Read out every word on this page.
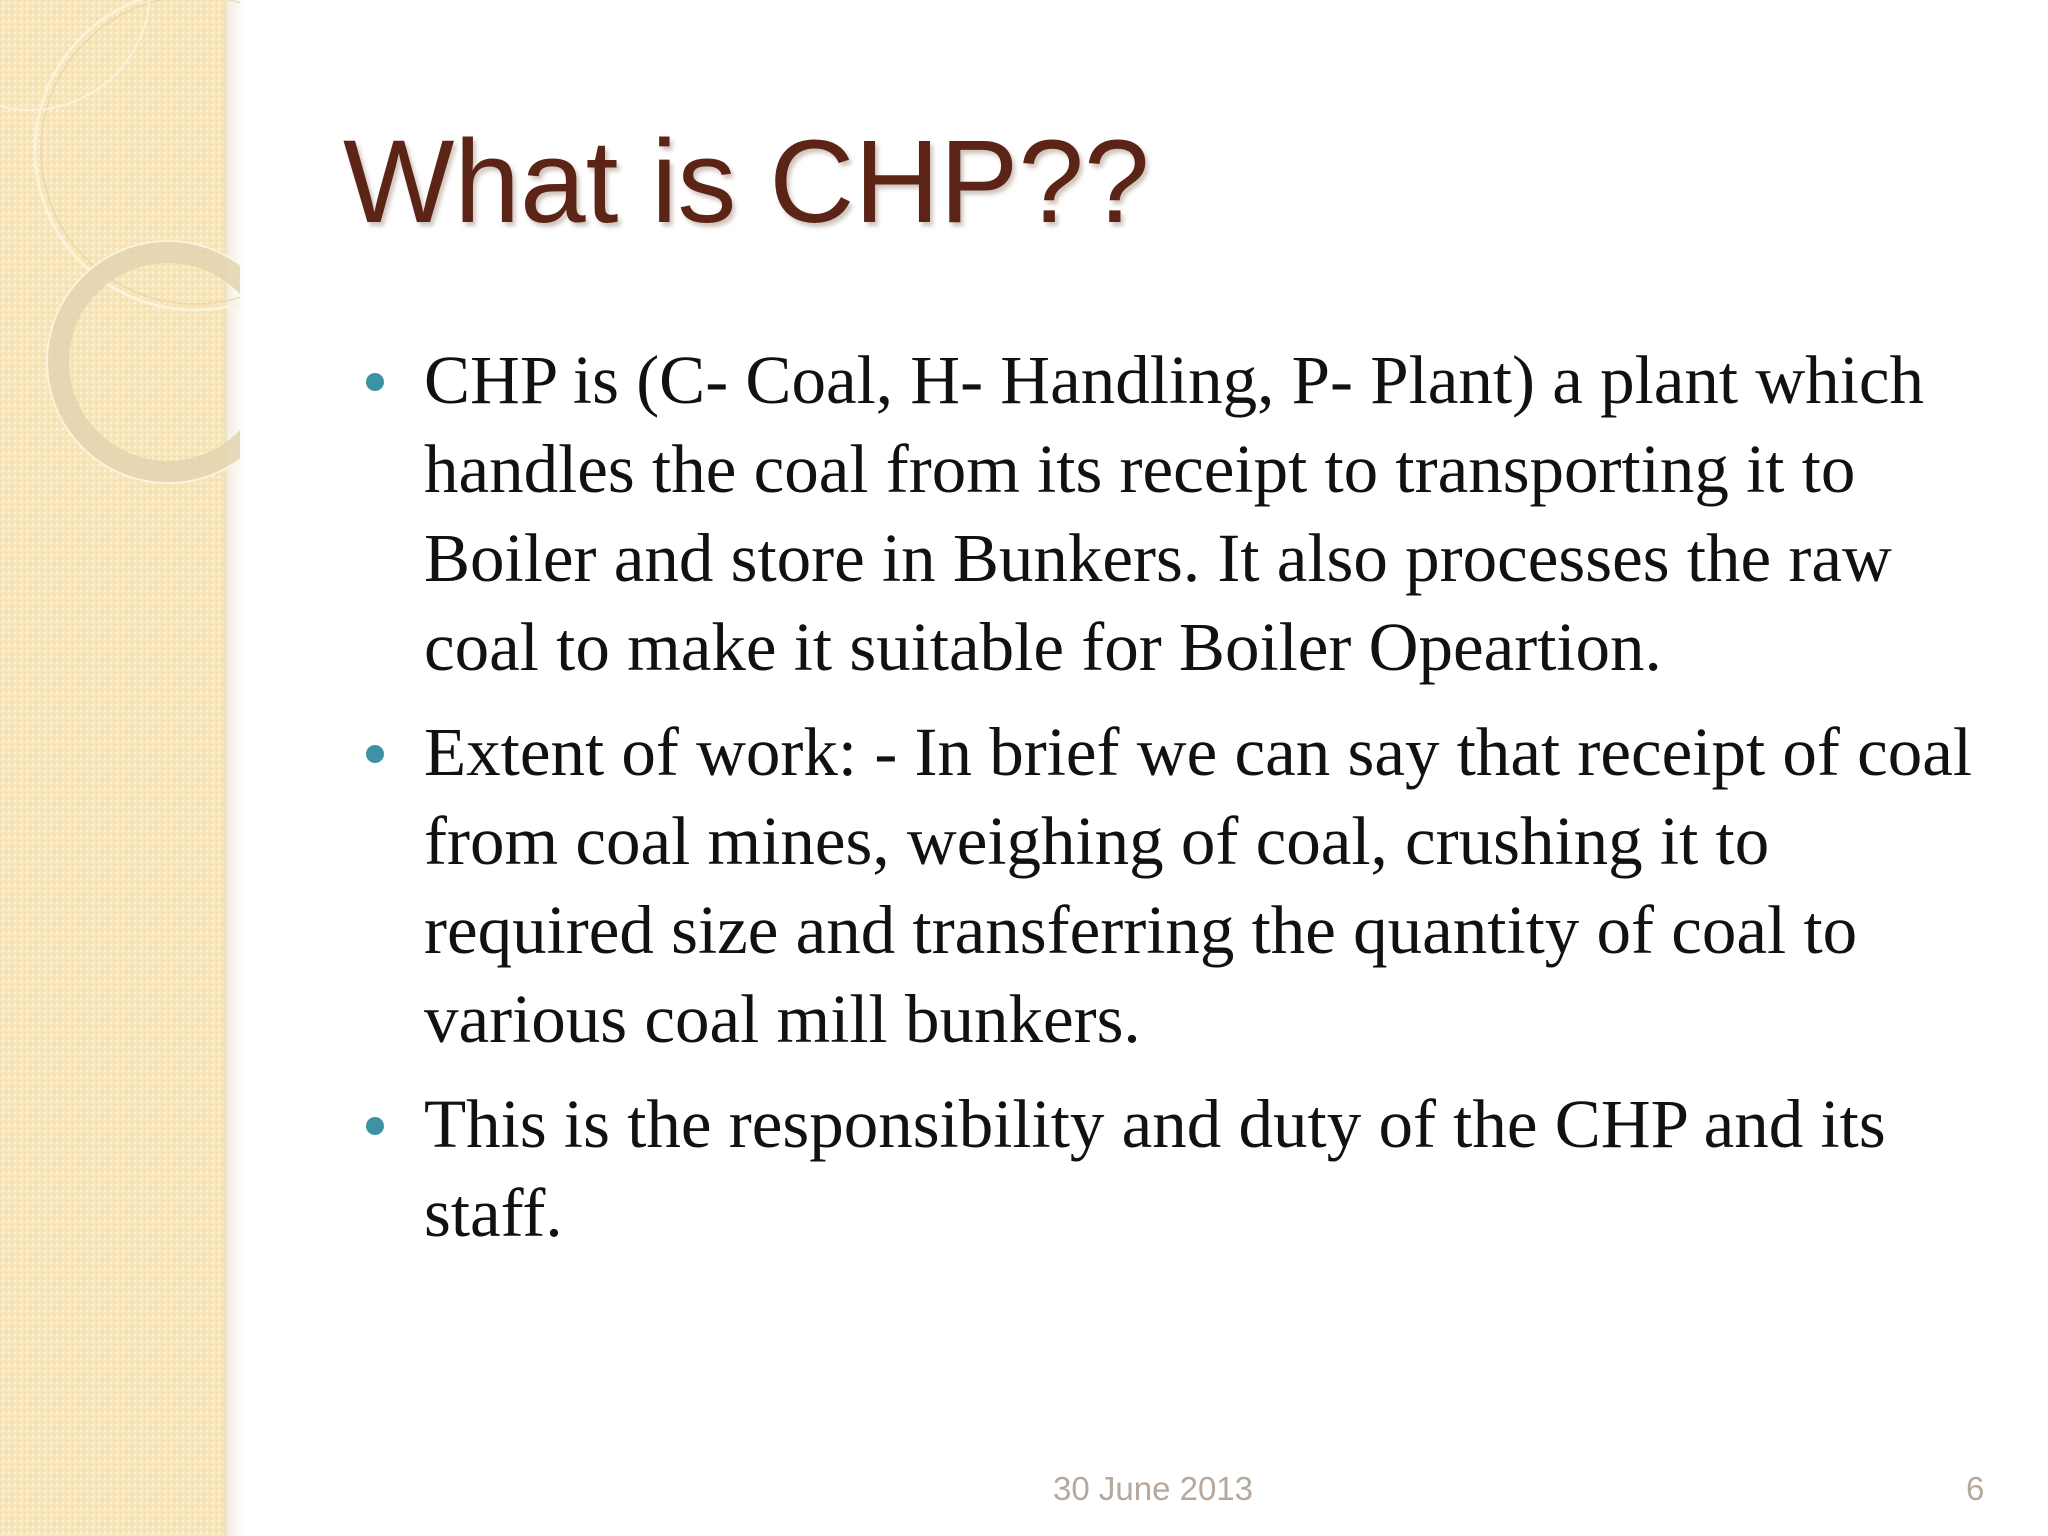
What is CHP??
CHP is (C- Coal, H- Handling, P- Plant) a plant which handles the coal from its receipt to transporting it to Boiler and store in Bunkers. It also processes the raw coal to make it suitable for Boiler Opeartion.
Extent of work: - In brief we can say that receipt of coal from coal mines, weighing of coal, crushing it to required size and transferring the quantity of coal to various coal mill bunkers.
This is the responsibility and duty of the CHP and its staff.
30 June 2013	6
